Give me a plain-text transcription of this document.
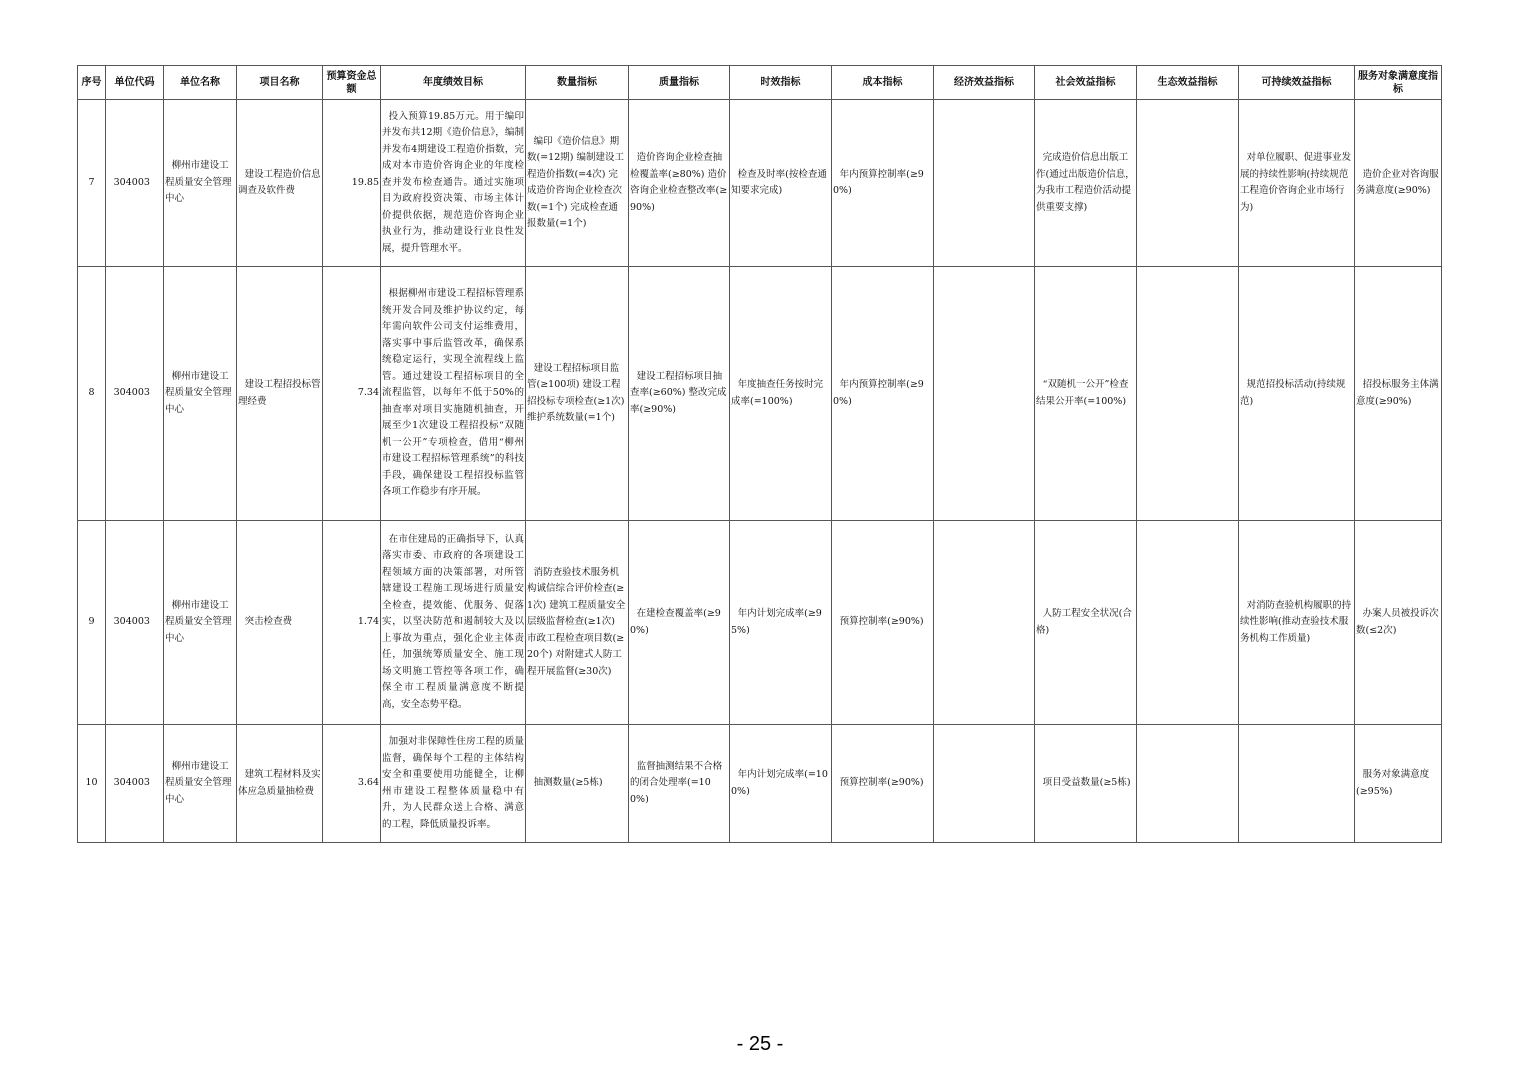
序号	单位代码	单位名称	项目名称	预算资金总额	年度绩效目标	数量指标	质量指标	时效指标	成本指标	经济效益指标	社会效益指标	生态效益指标	可持续效益指标	服务对象满意度指标
7	304003	柳州市建设工程质量安全管理中心	建设工程造价信息调查及软件费	19.85	投入预算19.85万元。用于编印并发布共12期《造价信息》，编制并发布4期建设工程造价指数，完成对本市造价咨询企业的年度检查并发布检查通告。通过实施项目为政府投资决策、市场主体计价提供依据，规范造价咨询企业执业行为，推动建设行业良性发展，提升管理水平。	编印《造价信息》期数(=12期) 编制建设工程造价指数(=4次) 完成造价咨询企业检查次数(=1个) 完成检查通报数量(=1个)	造价咨询企业检查抽检覆盖率(≥80%) 造价咨询企业检查整改率(≥90%)	检查及时率(按检查通知要求完成)	年内预算控制率(≥90%)		完成造价信息出版工作(通过出版造价信息，为我市工程造价活动提供重要支撑)		对单位履职、促进事业发展的持续性影响(持续规范工程造价咨询企业市场行为)	造价企业对咨询服务满意度(≥90%)
8	304003	柳州市建设工程质量安全管理中心	建设工程招投标管理经费	7.34	根据柳州市建设工程招标管理系统开发合同及维护协议约定，每年需向软件公司支付运维费用，落实事中事后监管改革，确保系统稳定运行，实现全流程线上监管。通过建设工程招标项目的全流程监管，以每年不低于50%的抽查率对项目实施随机抽查，开展至少1次建设工程招投标“双随机一公开”专项检查，借用“柳州市建设工程招标管理系统”的科技手段，确保建设工程招投标监管各项工作稳步有序开展。	建设工程招标项目监管(≥100项) 建设工程招投标专项检查(≥1次) 维护系统数量(=1个)	建设工程招标项目抽查率(≥60%) 整改完成率(≥90%)	年度抽查任务按时完成率(=100%)	年内预算控制率(≥90%)		“双随机一公开”检查结果公开率(=100%)		规范招投标活动(持续规范)	招投标服务主体满意度(≥90%)
9	304003	柳州市建设工程质量安全管理中心	突击检查费	1.74	在市住建局的正确指导下，认真落实市委、市政府的各项建设工程领域方面的决策部署，对所管辖建设工程施工现场进行质量安全检查，提效能、优服务、促落实，以坚决防范和遏制较大及以上事故为重点，强化企业主体责任，加强统筹质量安全、施工现场文明施工管控等各项工作，确保全市工程质量满意度不断提高，安全态势平稳。	消防查验技术服务机构诚信综合评价检查(≥1次) 建筑工程质量安全层级监督检查(≥1次) 市政工程检查项目数(≥20个) 对附建式人防工程开展监督(≥30次)	在建检查覆盖率(≥90%)	年内计划完成率(≥95%)	预算控制率(≥90%)		人防工程安全状况(合格)		对消防查验机构履职的持续性影响(推动查验技术服务机构工作质量)	办案人员被投诉次数(≤2次)
10	304003	柳州市建设工程质量安全管理中心	建筑工程材料及实体应急质量抽检费	3.64	加强对非保障性住房工程的质量监督，确保每个工程的主体结构安全和重要使用功能健全，让柳州市建设工程整体质量稳中有升，为人民群众送上合格、满意的工程，降低质量投诉率。	抽测数量(≥5栋)	监督抽测结果不合格的闭合处理率(=100%)	年内计划完成率(=100%)	预算控制率(≥90%)		项目受益数量(≥5栋)			服务对象满意度(≥95%)
- 25 -
